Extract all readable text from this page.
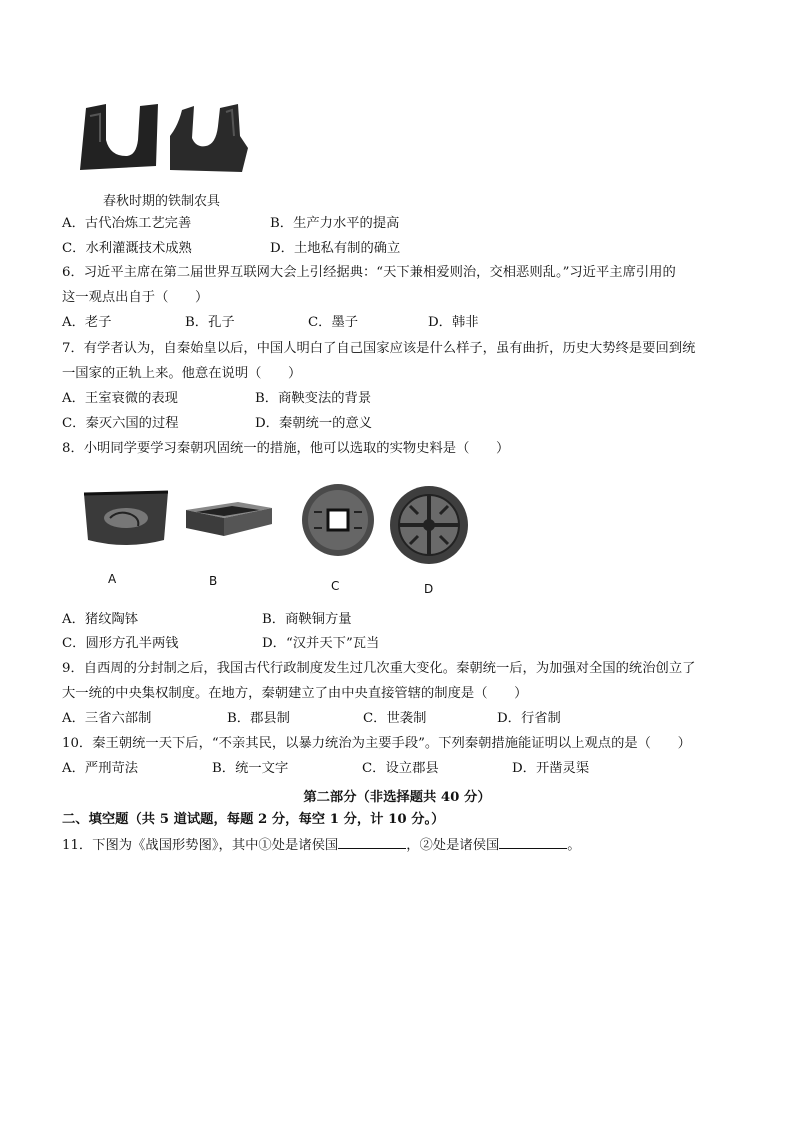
春秋时期的铁制农具
A．古代冶炼工艺完善	B．生产力水平的提高
C．水利灌溉技术成熟	D．土地私有制的确立
6．习近平主席在第二届世界互联网大会上引经据典：“天下兼相爱则治，交相恶则乱。”习近平主席引用的
这一观点出自于（　　）
A．老子	B．孔子	C．墨子	D．韩非
7．有学者认为，自秦始皇以后，中国人明白了自己国家应该是什么样子，虽有曲折，历史大势终是要回到统
一国家的正轨上来。他意在说明（　　）
A．王室衰微的表现	B．商鞅变法的背景
C．秦灭六国的过程	D．秦朝统一的意义
8．小明同学要学习秦朝巩固统一的措施，他可以选取的实物史料是（　　）
A	B	C	D
A．猪纹陶钵	B．商鞅铜方量
C．圆形方孔半两钱	D．“汉并天下”瓦当
9．自西周的分封制之后，我国古代行政制度发生过几次重大变化。秦朝统一后，为加强对全国的统治创立了
大一统的中央集权制度。在地方，秦朝建立了由中央直接管辖的制度是（　　）
A．三省六部制	B．郡县制	C．世袭制	D．行省制
10．秦王朝统一天下后，“不亲其民，以暴力统治为主要手段”。下列秦朝措施能证明以上观点的是（　　）
A．严刑苛法	B．统一文字	C．设立郡县	D．开凿灵渠
第二部分（非选择题共 40 分）
二、填空题（共 5 道试题，每题 2 分，每空 1 分，计 10 分。）
11．下图为《战国形势图》，其中①处是诸侯国	，②处是诸侯国	。
